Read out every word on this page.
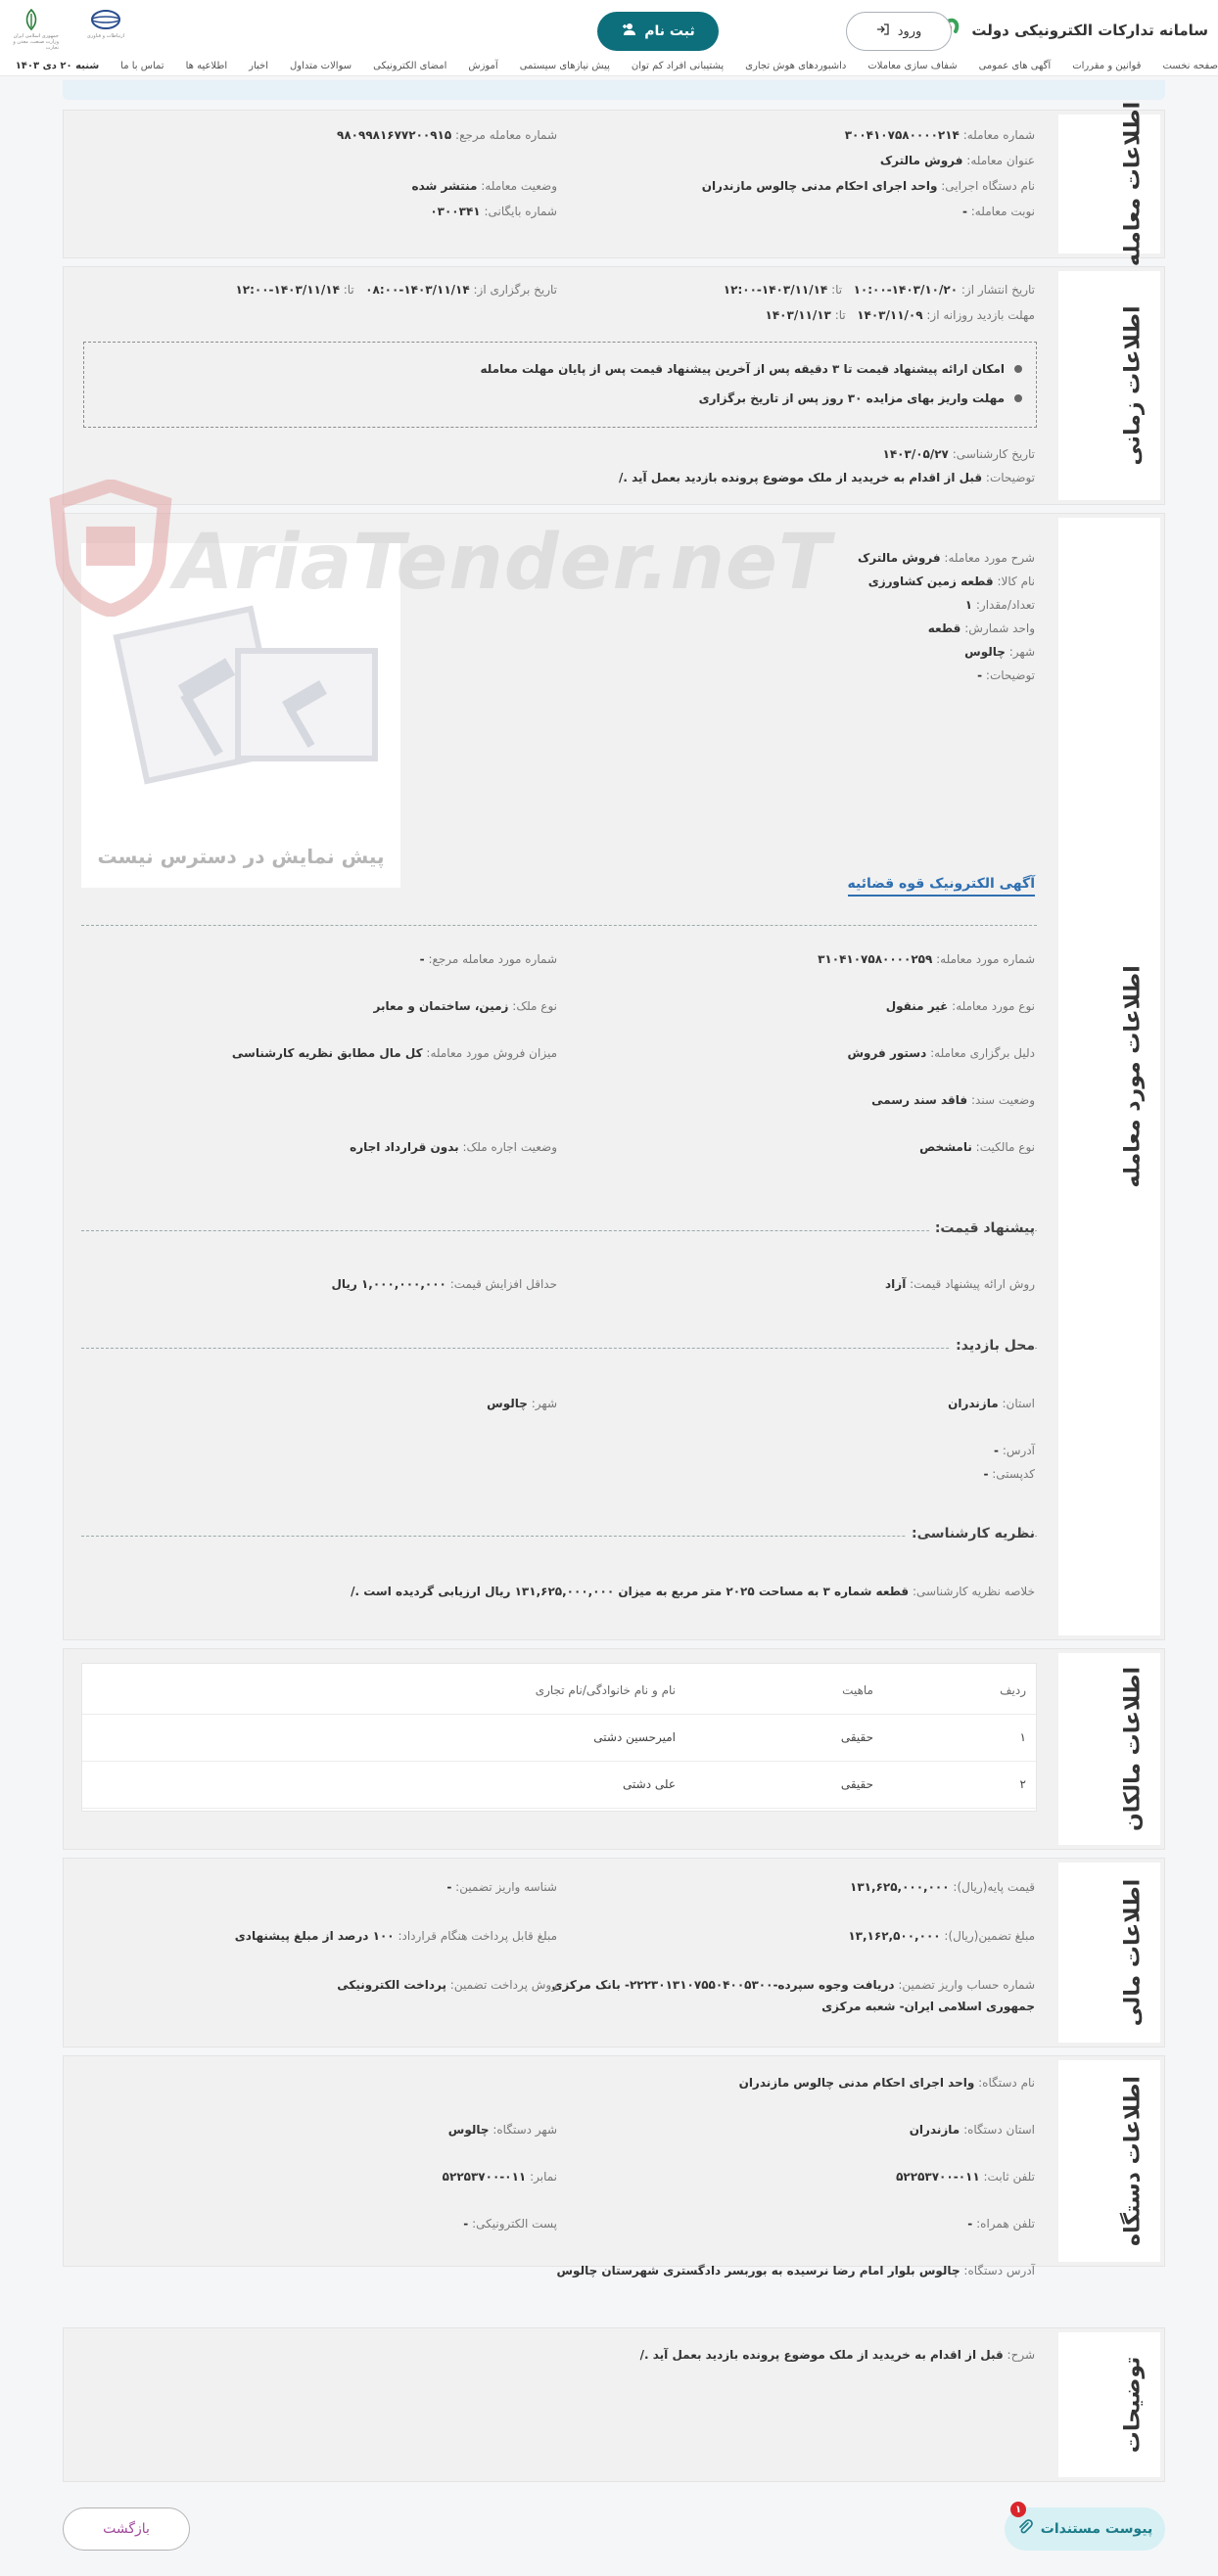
سامانه تدارکات الکترونیکی دولت
ثبت نام	ورود
ارتباطات و فناوری
جمهوری اسلامی ایران وزارت صنعت، معدن و تجارت
صفحه نخست
قوانین و مقررات
آگهی های عمومی
شفاف سازی معاملات
داشبوردهای هوش تجاری
پشتیبانی افراد کم توان
پیش نیازهای سیستمی
آموزش
امضای الکترونیکی
سوالات متداول
اخبار
اطلاعیه ها
تماس با ما
شنبه ۲۰ دی ۱۴۰۳
اطلاعات معامله
شماره معامله: ۳۰۰۴۱۰۷۵۸۰۰۰۰۲۱۴
شماره معامله مرجع: ۹۸۰۹۹۸۱۶۷۷۲۰۰۹۱۵
عنوان معامله: فروش مالترک
نام دستگاه اجرایی: واحد اجرای احکام مدنی چالوس مازندران
وضعیت معامله: منتشر شده
نوبت معامله: -
شماره بایگانی: ۰۳۰۰۳۴۱
اطلاعات زمانی
تاریخ انتشار از: ۱۴۰۳/۱۰/۲۰-۱۰:۰۰   تا: ۱۴۰۳/۱۱/۱۴-۱۲:۰۰
تاریخ برگزاری از: ۱۴۰۳/۱۱/۱۴-۰۸:۰۰   تا: ۱۴۰۳/۱۱/۱۴-۱۲:۰۰
مهلت بازدید روزانه از: ۱۴۰۳/۱۱/۰۹   تا: ۱۴۰۳/۱۱/۱۳
امکان ارائه پیشنهاد قیمت تا ۳ دقیقه پس از آخرین پیشنهاد قیمت پس از پایان مهلت معامله
مهلت واریز بهای مزایده ۳۰ روز پس از تاریخ برگزاری
تاریخ کارشناسی: ۱۴۰۳/۰۵/۲۷
توضیحات: قبل از اقدام به خریدید از ملک موضوع پرونده بازدید بعمل آید ./
اطلاعات مورد معامله
شرح مورد معامله: فروش مالترک
نام کالا: قطعه زمین کشاورزی
تعداد/مقدار: ۱
واحد شمارش: قطعه
شهر: چالوس
توضیحات: -
پیش نمایش در دسترس نیست
آگهی الکترونیک قوه قضائیه
شماره مورد معامله: ۳۱۰۴۱۰۷۵۸۰۰۰۰۲۵۹
شماره مورد معامله مرجع: -
نوع مورد معامله: غیر منقول
نوع ملک: زمین، ساختمان و معابر
دلیل برگزاری معامله: دستور فروش
میزان فروش مورد معامله: کل مال مطابق نظریه کارشناسی
وضعیت سند: فاقد سند رسمی
نوع مالکیت: نامشخص
وضعیت اجاره ملک: بدون قرارداد اجاره
پیشنهاد قیمت:
روش ارائه پیشنهاد قیمت: آزاد
حداقل افزایش قیمت: ۱,۰۰۰,۰۰۰,۰۰۰ ریال
محل بازدید:
استان: مازندران
شهر: چالوس
آدرس: -
کدپستی: -
نظریه کارشناسی:
خلاصه نظریه کارشناسی: قطعه شماره ۳ به مساحت ۲۰۲۵ متر مربع به میزان ۱۳۱,۶۲۵,۰۰۰,۰۰۰ ریال ارزیابی گردیده است ./
AriaTender.neT
اطلاعات مالکان
ردیف
ماهیت
نام و نام خانوادگی/نام تجاری
۱
حقیقی
امیرحسین دشتی
۲
حقیقی
علی دشتی
اطلاعات مالی
قیمت پایه(ریال): ۱۳۱,۶۲۵,۰۰۰,۰۰۰
شناسه واریز تضمین: -
مبلغ تضمین(ریال): ۱۳,۱۶۲,۵۰۰,۰۰۰
مبلغ قابل پرداخت هنگام قرارداد: ۱۰۰ درصد از مبلغ پیشنهادی
شماره حساب واریز تضمین: دریافت وجوه سپرده-۲۲۲۳۰۱۳۱۰۷۵۵۰۴۰۰۵۳۰۰- بانک مرکزی
جمهوری اسلامی ایران- شعبه مرکزی
روش پرداخت تضمین: پرداخت الکترونیکی
اطلاعات دستگاه
نام دستگاه: واحد اجرای احکام مدنی چالوس مازندران
استان دستگاه: مازندران
شهر دستگاه: چالوس
تلفن ثابت: ۰۱۱-۵۲۲۵۳۷۰۰
نمابر: ۰۱۱-۵۲۲۵۳۷۰۰
تلفن همراه: -
پست الکترونیکی: -
آدرس دستگاه: چالوس بلوار امام رضا نرسیده به بوربسر دادگستری شهرستان چالوس
توضیحات
شرح: قبل از اقدام به خریدید از ملک موضوع پرونده بازدید بعمل آید ./
بازگشت	پیوست مستندات
۱
